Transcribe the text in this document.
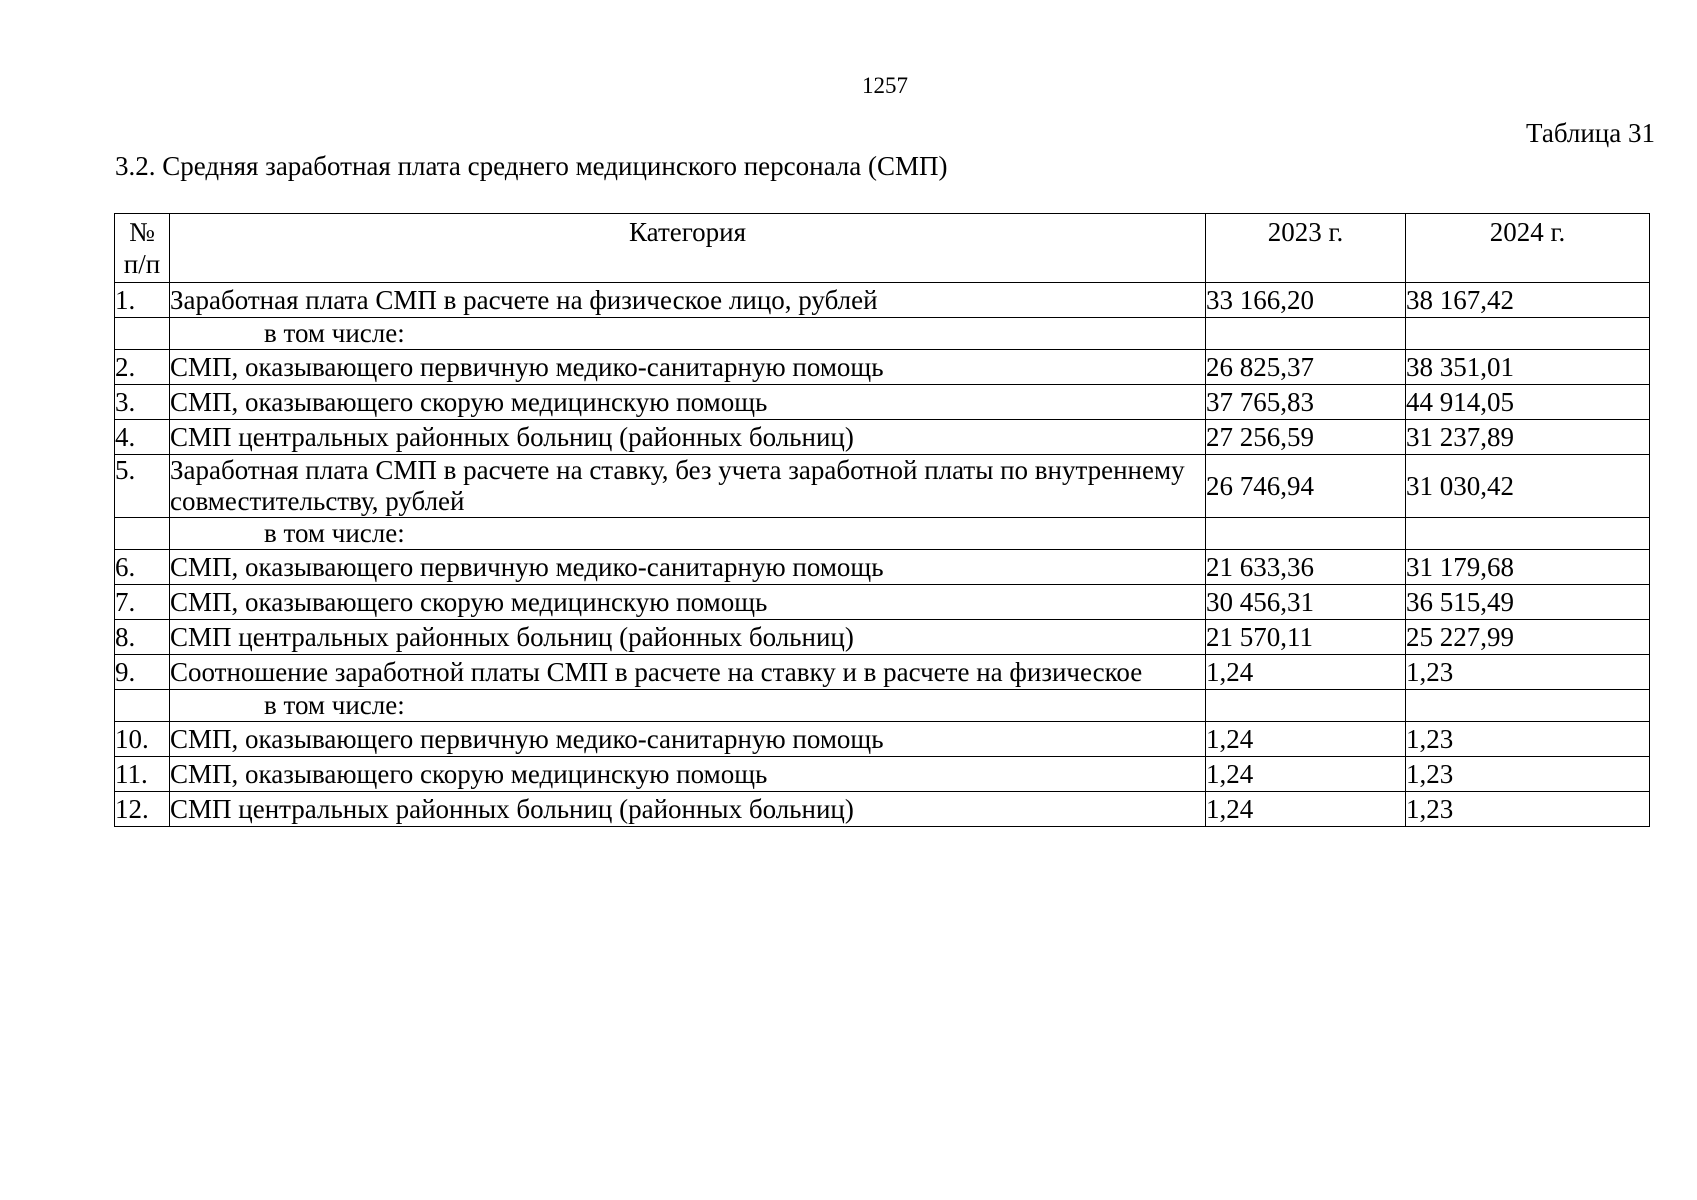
1257
Таблица 31
3.2. Средняя заработная плата среднего медицинского персонала (СМП)
№ п/п	Категория	2023 г.	2024 г.
1.	Заработная плата СМП в расчете на физическое лицо, рублей	33 166,20	38 167,42
	в том числе:		
2.	СМП, оказывающего первичную медико-санитарную помощь	26 825,37	38 351,01
3.	СМП, оказывающего скорую медицинскую помощь	37 765,83	44 914,05
4.	СМП центральных районных больниц (районных больниц)	27 256,59	31 237,89
5.	Заработная плата СМП в расчете на ставку, без учета заработной платы по внутреннему совместительству, рублей	26 746,94	31 030,42
	в том числе:		
6.	СМП, оказывающего первичную медико-санитарную помощь	21 633,36	31 179,68
7.	СМП, оказывающего скорую медицинскую помощь	30 456,31	36 515,49
8.	СМП центральных районных больниц (районных больниц)	21 570,11	25 227,99
9.	Соотношение заработной платы СМП в расчете на ставку и в расчете на физическое	1,24	1,23
	в том числе:		
10.	СМП, оказывающего первичную медико-санитарную помощь	1,24	1,23
11.	СМП, оказывающего скорую медицинскую помощь	1,24	1,23
12.	СМП центральных районных больниц (районных больниц)	1,24	1,23
